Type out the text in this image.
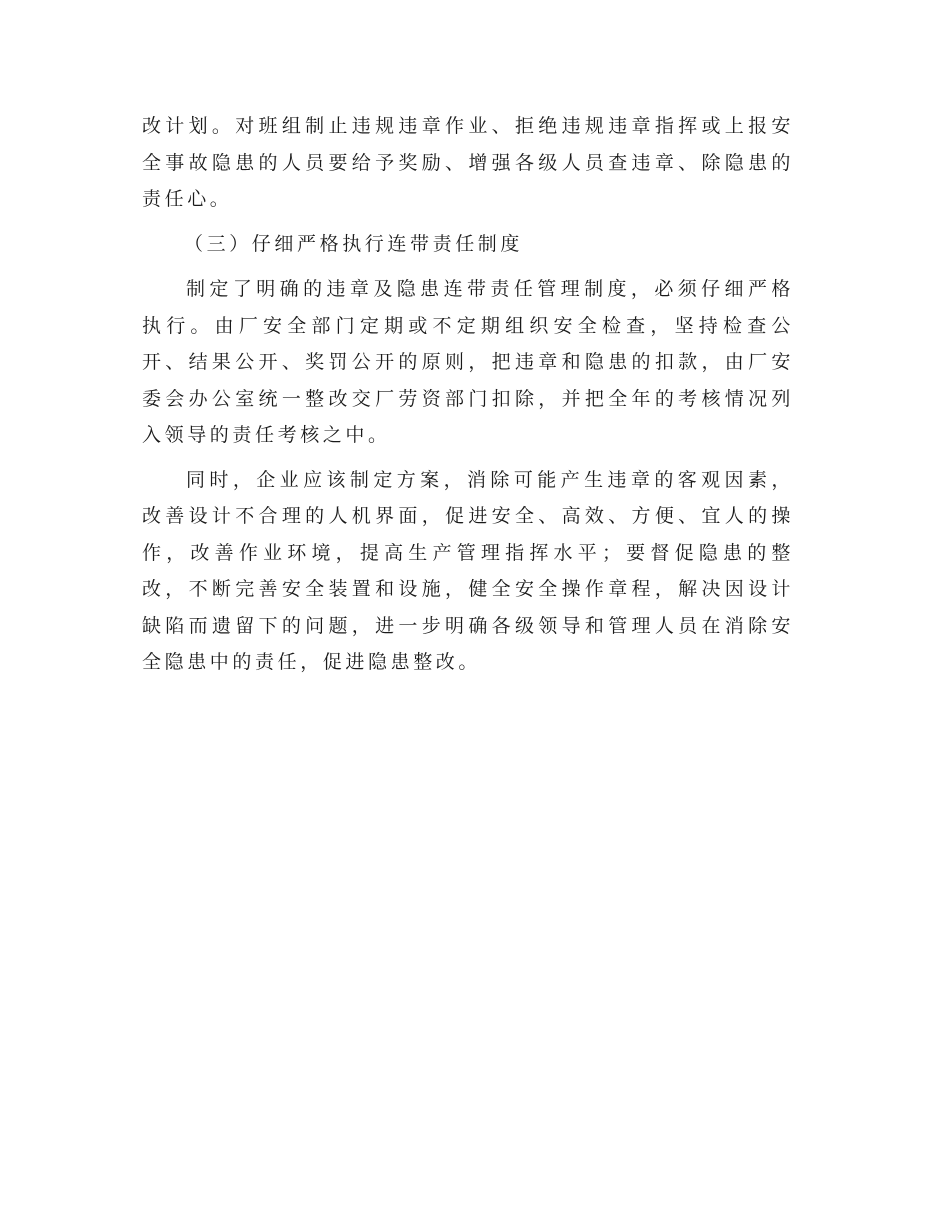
改计划。对班组制止违规违章作业、拒绝违规违章指挥或上报安全事故隐患的人员要给予奖励、增强各级人员查违章、除隐患的责任心。

（三）仔细严格执行连带责任制度

制定了明确的违章及隐患连带责任管理制度，必须仔细严格执行。由厂安全部门定期或不定期组织安全检查，坚持检查公开、结果公开、奖罚公开的原则，把违章和隐患的扣款，由厂安委会办公室统一整改交厂劳资部门扣除，并把全年的考核情况列入领导的责任考核之中。

同时，企业应该制定方案，消除可能产生违章的客观因素，改善设计不合理的人机界面，促进安全、高效、方便、宜人的操作，改善作业环境，提高生产管理指挥水平；要督促隐患的整改，不断完善安全装置和设施，健全安全操作章程，解决因设计缺陷而遗留下的问题，进一步明确各级领导和管理人员在消除安全隐患中的责任，促进隐患整改。
